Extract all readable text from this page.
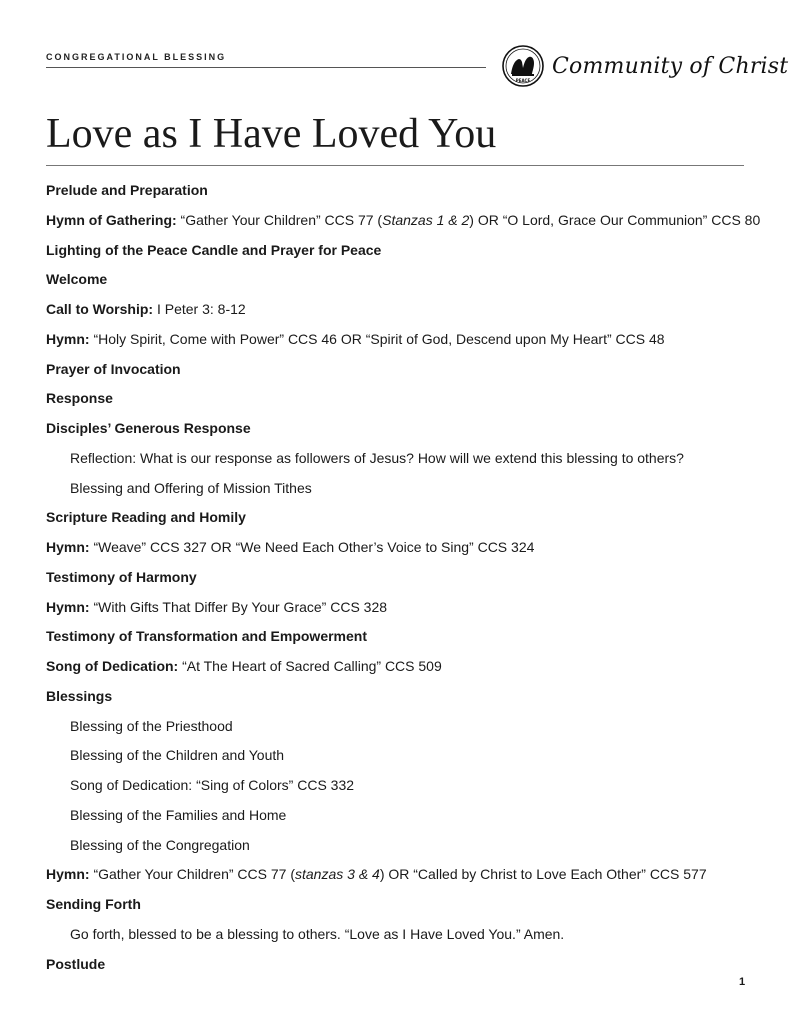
CONGREGATIONAL BLESSING
PEACE
Community of Christ
Love as I Have Loved You
Prelude and Preparation
Hymn of Gathering: “Gather Your Children” CCS 77 (Stanzas 1 & 2) OR “O Lord, Grace Our Communion” CCS 80
Lighting of the Peace Candle and Prayer for Peace
Welcome
Call to Worship: I Peter 3: 8-12
Hymn: “Holy Spirit, Come with Power” CCS 46 OR “Spirit of God, Descend upon My Heart” CCS 48
Prayer of Invocation
Response
Disciples’ Generous Response
Reflection: What is our response as followers of Jesus? How will we extend this blessing to others?
Blessing and Offering of Mission Tithes
Scripture Reading and Homily
Hymn: “Weave” CCS 327 OR “We Need Each Other’s Voice to Sing” CCS 324
Testimony of Harmony
Hymn: “With Gifts That Differ By Your Grace” CCS 328
Testimony of Transformation and Empowerment
Song of Dedication: “At The Heart of Sacred Calling” CCS 509
Blessings
Blessing of the Priesthood
Blessing of the Children and Youth
Song of Dedication: “Sing of Colors” CCS 332
Blessing of the Families and Home
Blessing of the Congregation
Hymn: “Gather Your Children” CCS 77 (stanzas 3 & 4) OR “Called by Christ to Love Each Other” CCS 577
Sending Forth
Go forth, blessed to be a blessing to others. “Love as I Have Loved You.” Amen.
Postlude
1
